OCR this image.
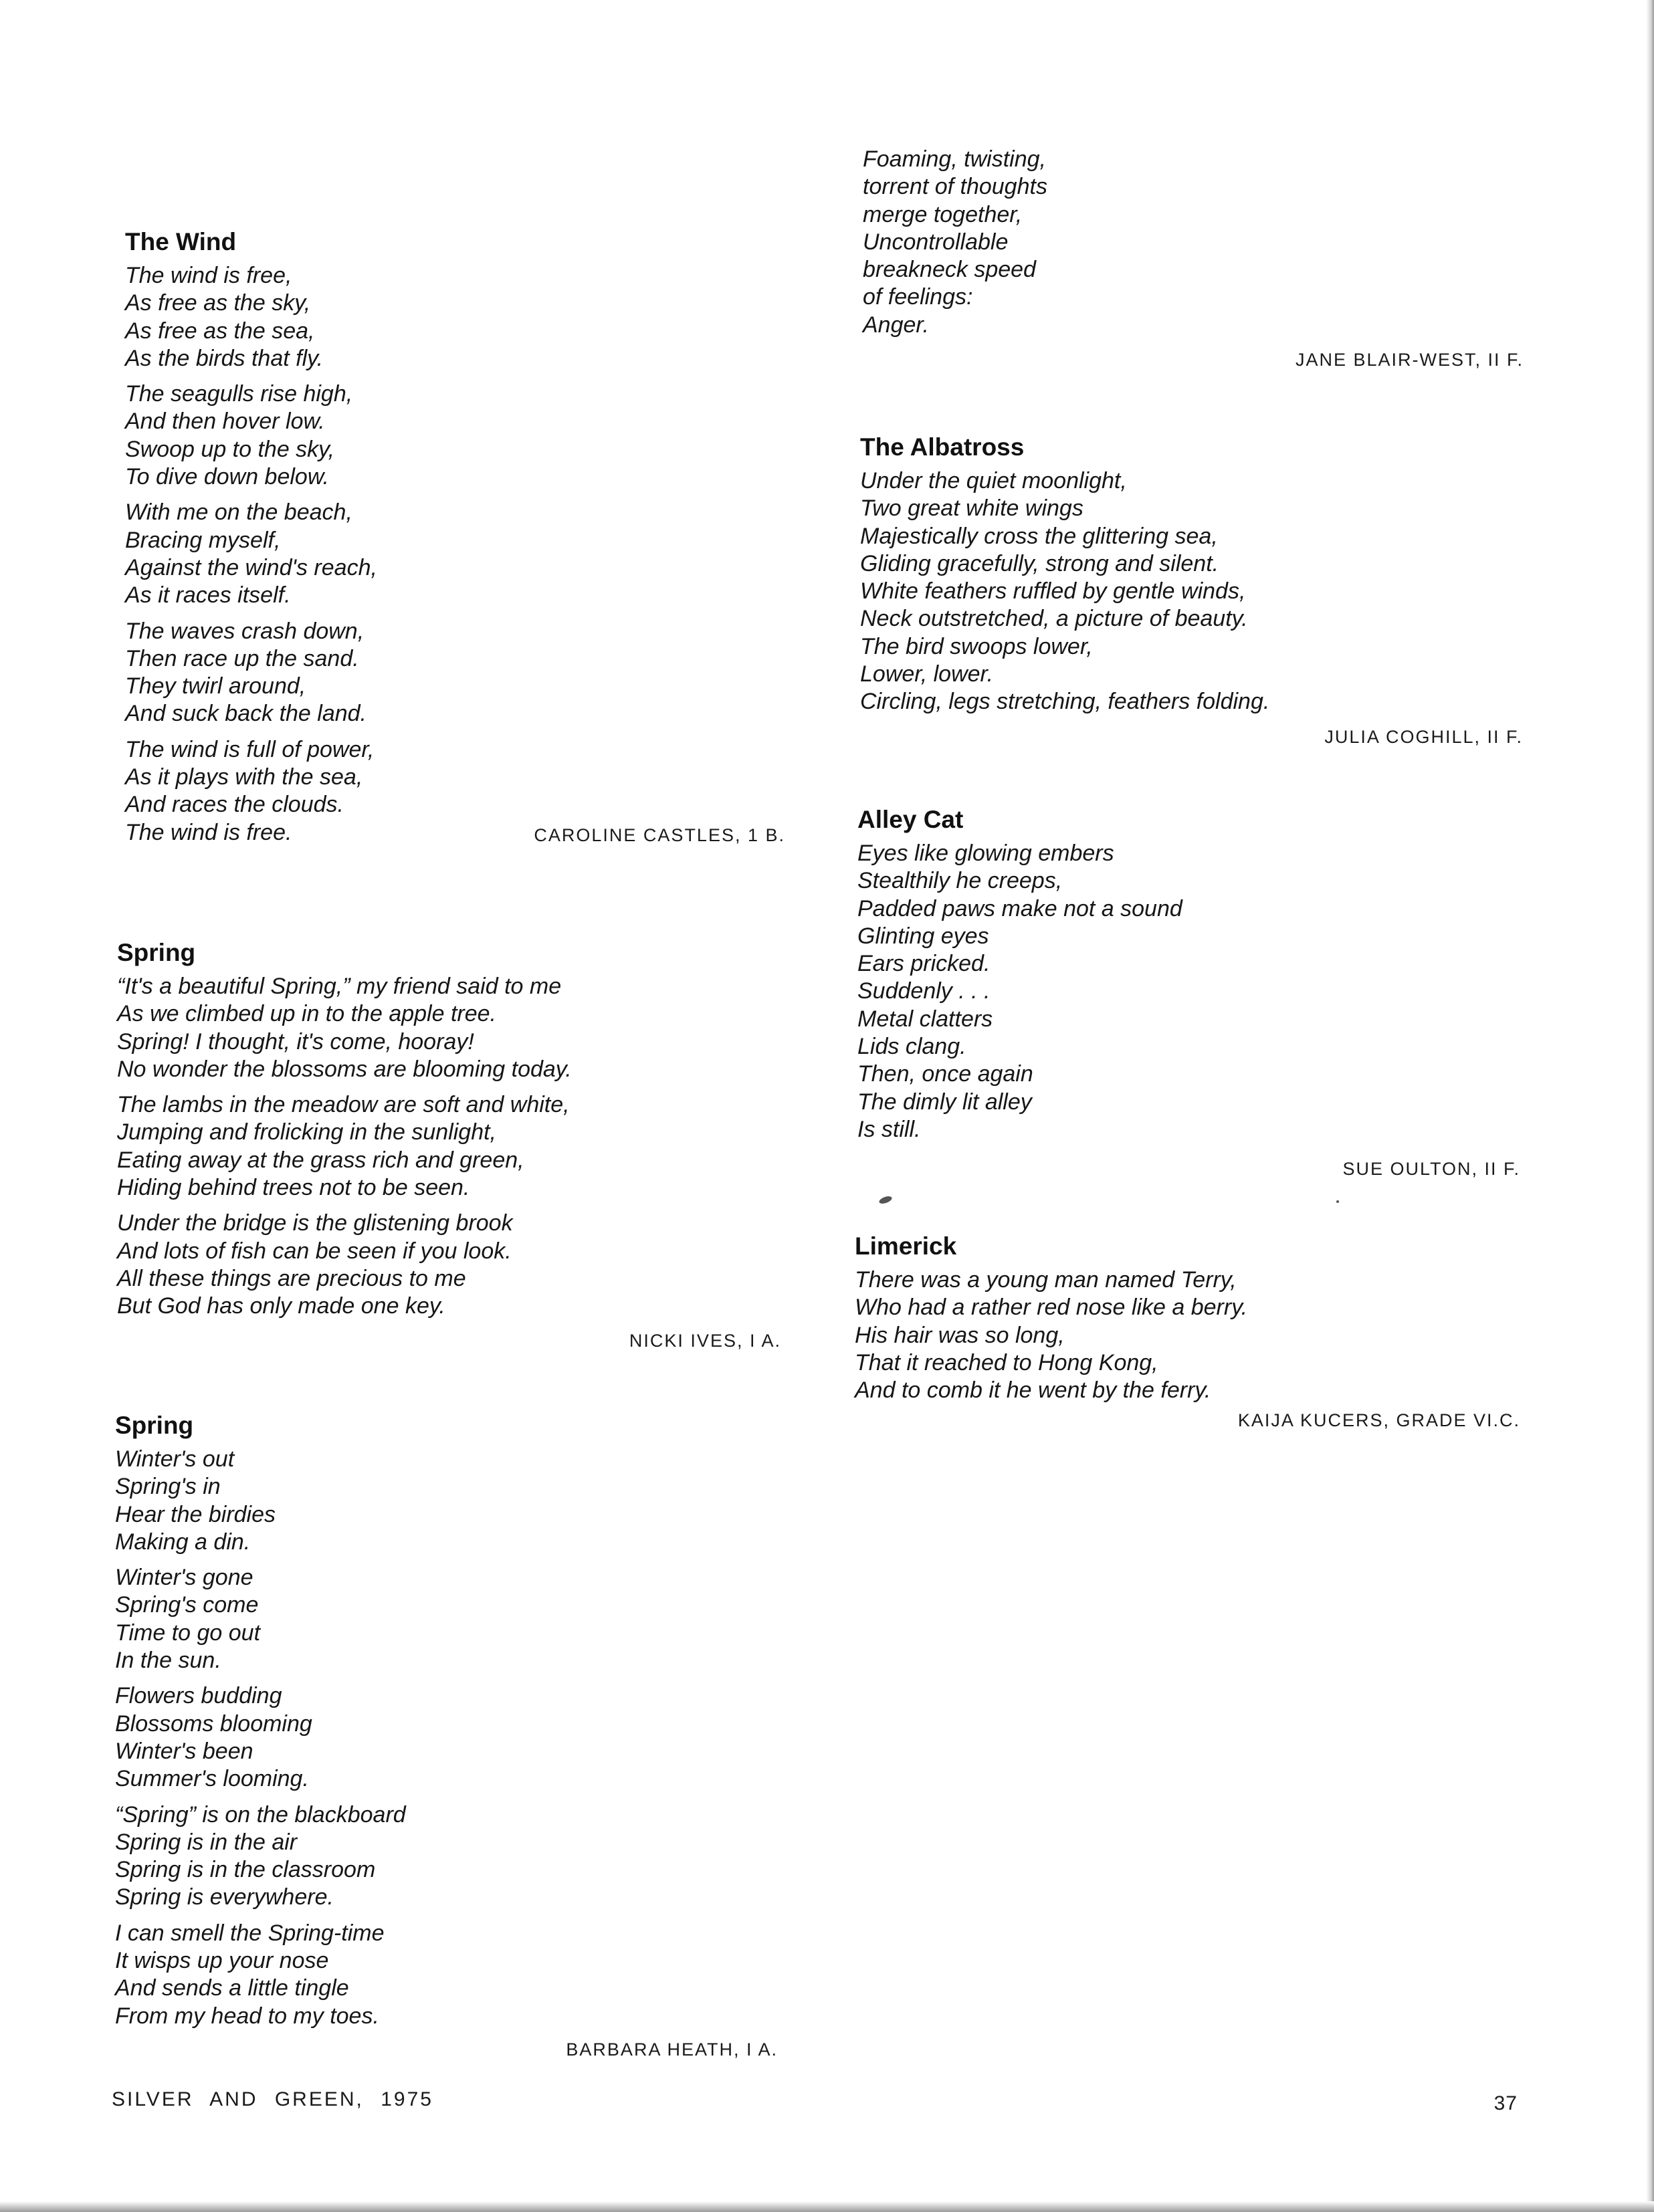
Foaming, twisting,
torrent of thoughts
merge together,
Uncontrollable
breakneck speed
of feelings:
Anger.
JANE BLAIR-WEST, II F.
The Wind
The wind is free,
As free as the sky,
As free as the sea,
As the birds that fly.
The seagulls rise high,
And then hover low.
Swoop up to the sky,
To dive down below.
With me on the beach,
Bracing myself,
Against the wind's reach,
As it races itself.
The waves crash down,
Then race up the sand.
They twirl around,
And suck back the land.
The wind is full of power,
As it plays with the sea,
And races the clouds.
The wind is free.	CAROLINE CASTLES, 1 B.
The Albatross
Under the quiet moonlight,
Two great white wings
Majestically cross the glittering sea,
Gliding gracefully, strong and silent.
White feathers ruffled by gentle winds,
Neck outstretched, a picture of beauty.
The bird swoops lower,
Lower, lower.
Circling, legs stretching, feathers folding.
JULIA COGHILL, II F.
Alley Cat
Eyes like glowing embers
Stealthily he creeps,
Padded paws make not a sound
Glinting eyes
Ears pricked.
Suddenly . . .
Metal clatters
Lids clang.
Then, once again
The dimly lit alley
Is still.
SUE OULTON, II F.
Spring
“It's a beautiful Spring,” my friend said to me
As we climbed up in to the apple tree.
Spring! I thought, it's come, hooray!
No wonder the blossoms are blooming today.
The lambs in the meadow are soft and white,
Jumping and frolicking in the sunlight,
Eating away at the grass rich and green,
Hiding behind trees not to be seen.
Under the bridge is the glistening brook
And lots of fish can be seen if you look.
All these things are precious to me
But God has only made one key.
NICKI IVES, I A.
Limerick
There was a young man named Terry,
Who had a rather red nose like a berry.
His hair was so long,
That it reached to Hong Kong,
And to comb it he went by the ferry.
KAIJA KUCERS, GRADE VI.C.
Spring
Winter's out
Spring's in
Hear the birdies
Making a din.
Winter's gone
Spring's come
Time to go out
In the sun.
Flowers budding
Blossoms blooming
Winter's been
Summer's looming.
“Spring” is on the blackboard
Spring is in the air
Spring is in the classroom
Spring is everywhere.
I can smell the Spring-time
It wisps up your nose
And sends a little tingle
From my head to my toes.
BARBARA HEATH, I A.
SILVER AND GREEN, 1975	37
